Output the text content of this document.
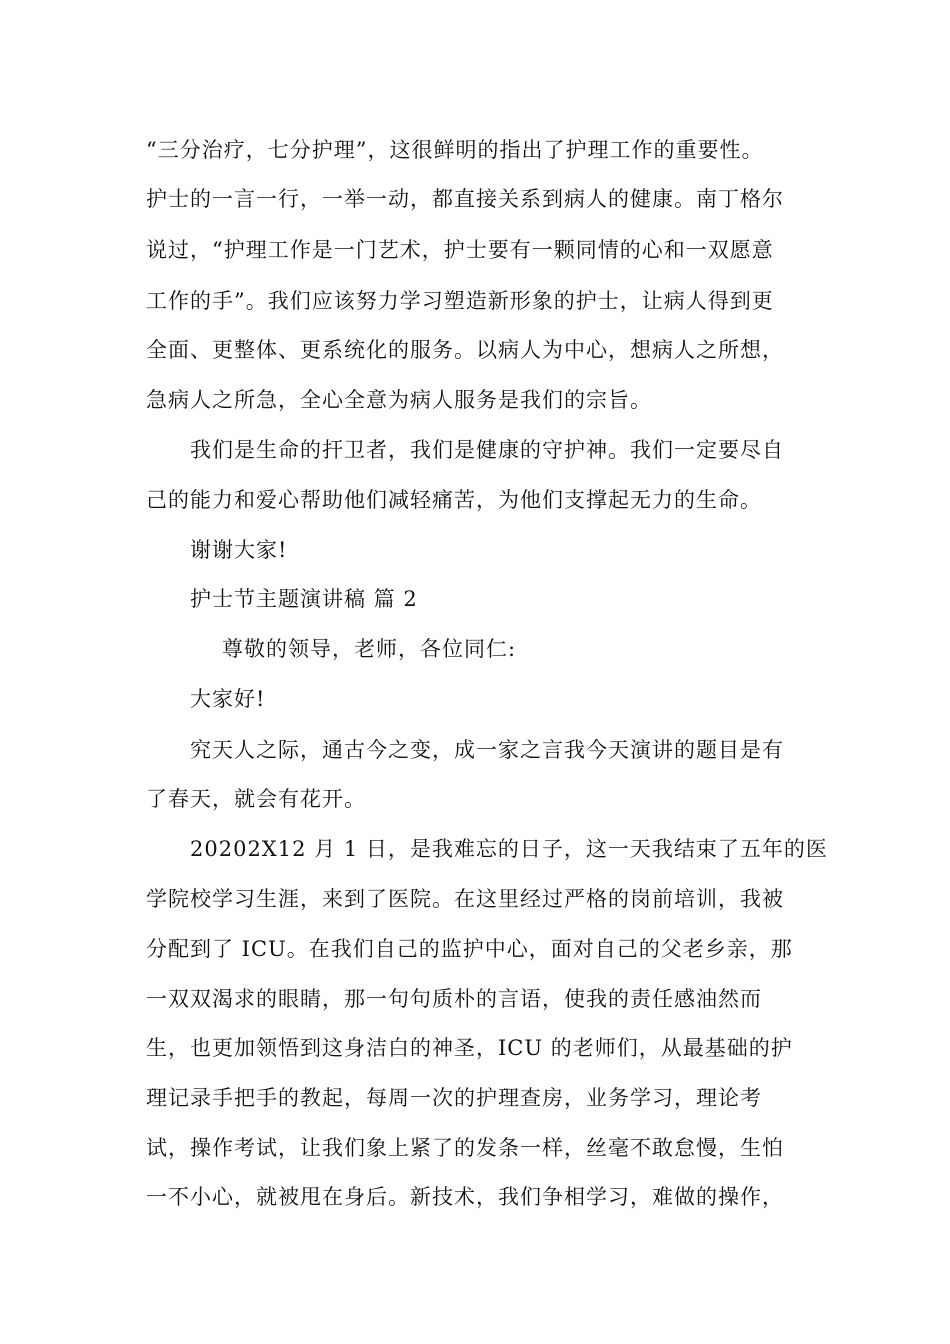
“三分治疗，七分护理”，这很鲜明的指出了护理工作的重要性。
护士的一言一行，一举一动，都直接关系到病人的健康。南丁格尔
说过，“护理工作是一门艺术，护士要有一颗同情的心和一双愿意
工作的手”。我们应该努力学习塑造新形象的护士，让病人得到更
全面、更整体、更系统化的服务。以病人为中心，想病人之所想，
急病人之所急，全心全意为病人服务是我们的宗旨。
我们是生命的扞卫者，我们是健康的守护神。我们一定要尽自
己的能力和爱心帮助他们减轻痛苦，为他们支撑起无力的生命。
谢谢大家!
护士节主题演讲稿 篇 2
尊敬的领导，老师，各位同仁:
大家好!
究天人之际，通古今之变，成一家之言我今天演讲的题目是有
了春天，就会有花开。
20202X12 月 1 日，是我难忘的日子，这一天我结束了五年的医
学院校学习生涯，来到了医院。在这里经过严格的岗前培训，我被
分配到了 ICU。在我们自己的监护中心，面对自己的父老乡亲，那
一双双渴求的眼睛，那一句句质朴的言语，使我的责任感油然而
生，也更加领悟到这身洁白的神圣，ICU 的老师们，从最基础的护
理记录手把手的教起，每周一次的护理查房，业务学习，理论考
试，操作考试，让我们象上紧了的发条一样，丝毫不敢怠慢，生怕
一不小心，就被甩在身后。新技术，我们争相学习，难做的操作，
